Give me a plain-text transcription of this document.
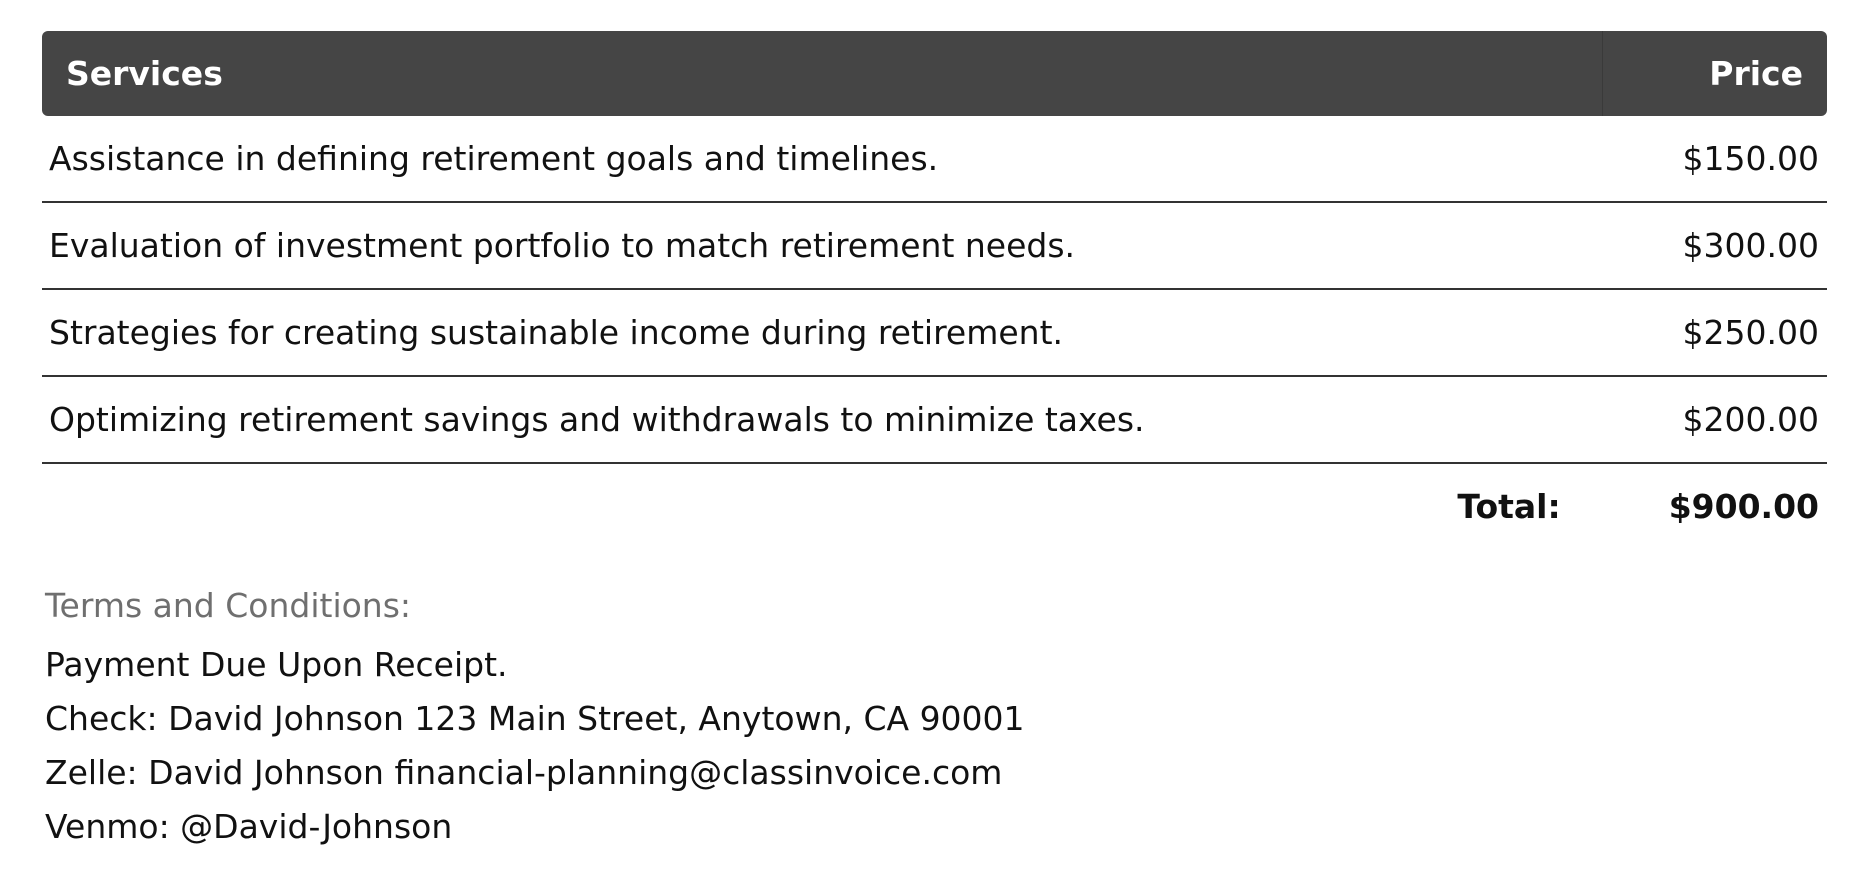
Services	Price
Assistance in defining retirement goals and timelines.	$150.00
Evaluation of investment portfolio to match retirement needs.	$300.00
Strategies for creating sustainable income during retirement.	$250.00
Optimizing retirement savings and withdrawals to minimize taxes.	$200.00
Total:	$900.00
Terms and Conditions:
Payment Due Upon Receipt.
Check: David Johnson 123 Main Street, Anytown, CA 90001
Zelle: David Johnson financial-planning@classinvoice.com
Venmo: @David-Johnson
